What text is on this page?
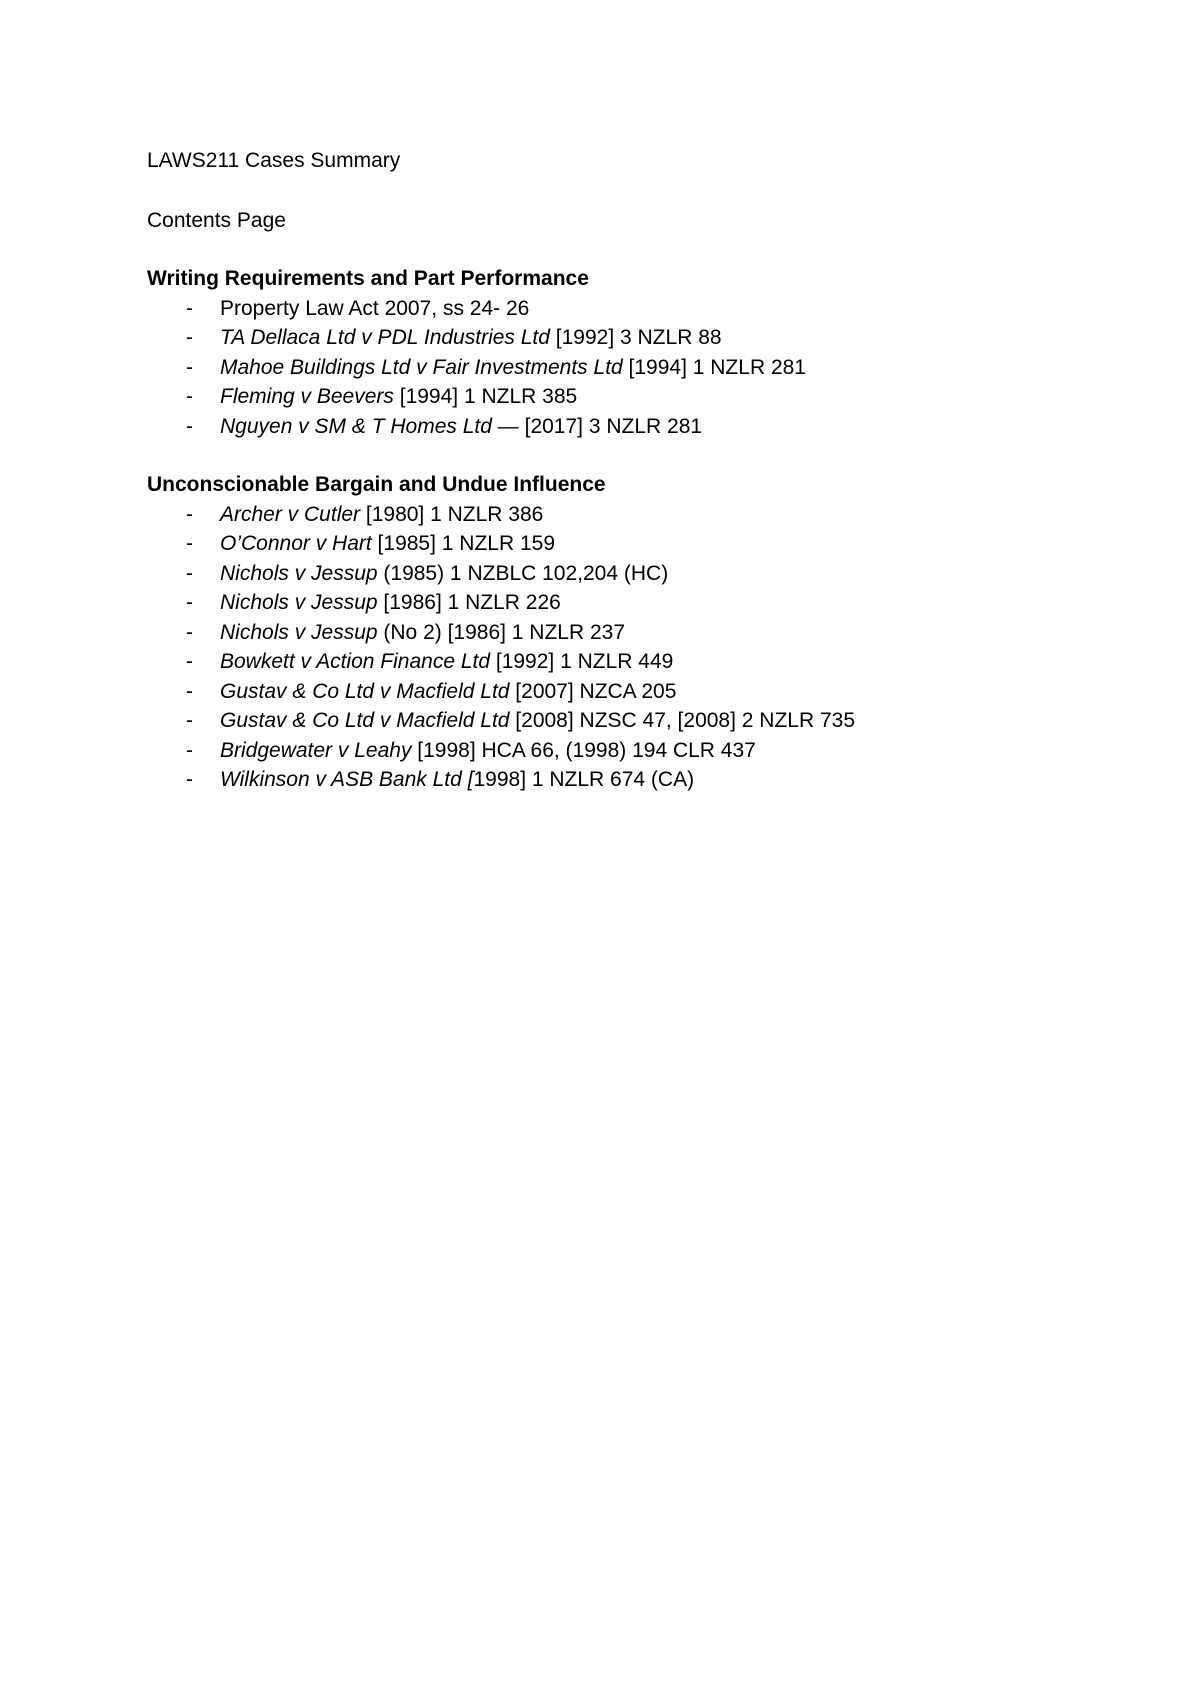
LAWS211 Cases Summary
Contents Page
Writing Requirements and Part Performance
- Property Law Act 2007, ss 24- 26
- TA Dellaca Ltd v PDL Industries Ltd [1992] 3 NZLR 88
- Mahoe Buildings Ltd v Fair Investments Ltd [1994] 1 NZLR 281
- Fleming v Beevers [1994] 1 NZLR 385
- Nguyen v SM & T Homes Ltd — [2017] 3 NZLR 281
Unconscionable Bargain and Undue Influence
- Archer v Cutler [1980] 1 NZLR 386
- O’Connor v Hart [1985] 1 NZLR 159
- Nichols v Jessup (1985) 1 NZBLC 102,204 (HC)
- Nichols v Jessup [1986] 1 NZLR 226
- Nichols v Jessup (No 2) [1986] 1 NZLR 237
- Bowkett v Action Finance Ltd [1992] 1 NZLR 449
- Gustav & Co Ltd v Macfield Ltd [2007] NZCA 205
- Gustav & Co Ltd v Macfield Ltd [2008] NZSC 47, [2008] 2 NZLR 735
- Bridgewater v Leahy [1998] HCA 66, (1998) 194 CLR 437
- Wilkinson v ASB Bank Ltd [1998] 1 NZLR 674 (CA)
